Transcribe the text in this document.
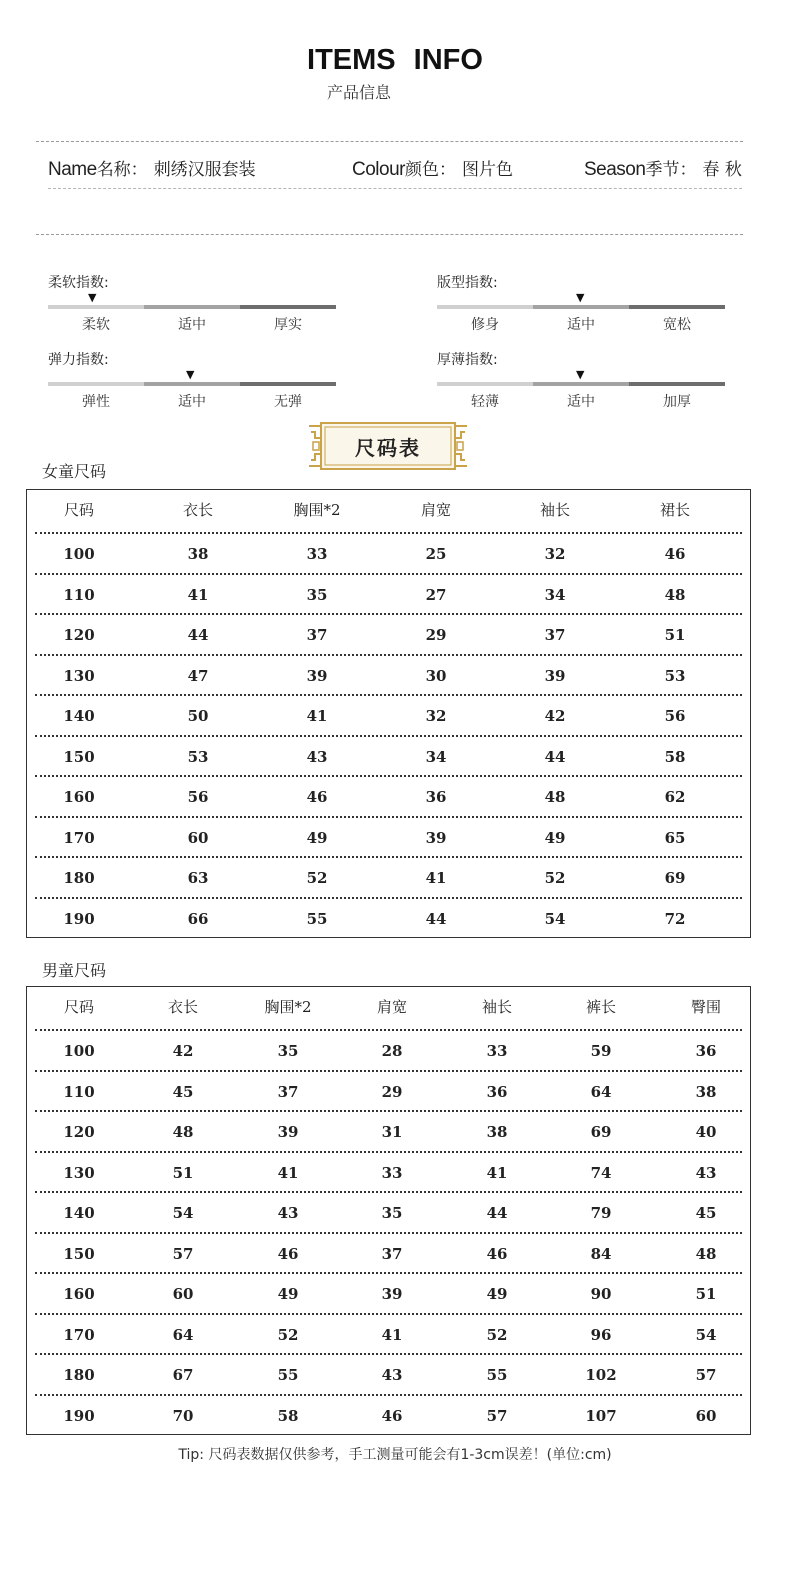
ITEMS INFO
产品信息
Name名称： 刺绣汉服套装	Colour颜色： 图片色	Season季节： 春 秋
柔软指数:
▼
柔软	适中	厚实
版型指数:
▼
修身	适中	宽松
弹力指数:
▼
弹性	适中	无弹
厚薄指数:
▼
轻薄	适中	加厚
尺码表
女童尺码
尺码	衣长	胸围*2	肩宽	袖长	裙长
100	38	33	25	32	46
110	41	35	27	34	48
120	44	37	29	37	51
130	47	39	30	39	53
140	50	41	32	42	56
150	53	43	34	44	58
160	56	46	36	48	62
170	60	49	39	49	65
180	63	52	41	52	69
190	66	55	44	54	72
男童尺码
尺码	衣长	胸围*2	肩宽	袖长	裤长	臀围
100	42	35	28	33	59	36
110	45	37	29	36	64	38
120	48	39	31	38	69	40
130	51	41	33	41	74	43
140	54	43	35	44	79	45
150	57	46	37	46	84	48
160	60	49	39	49	90	51
170	64	52	41	52	96	54
180	67	55	43	55	102	57
190	70	58	46	57	107	60
Tip: 尺码表数据仅供参考，手工测量可能会有1-3cm误差！(单位:cm)
